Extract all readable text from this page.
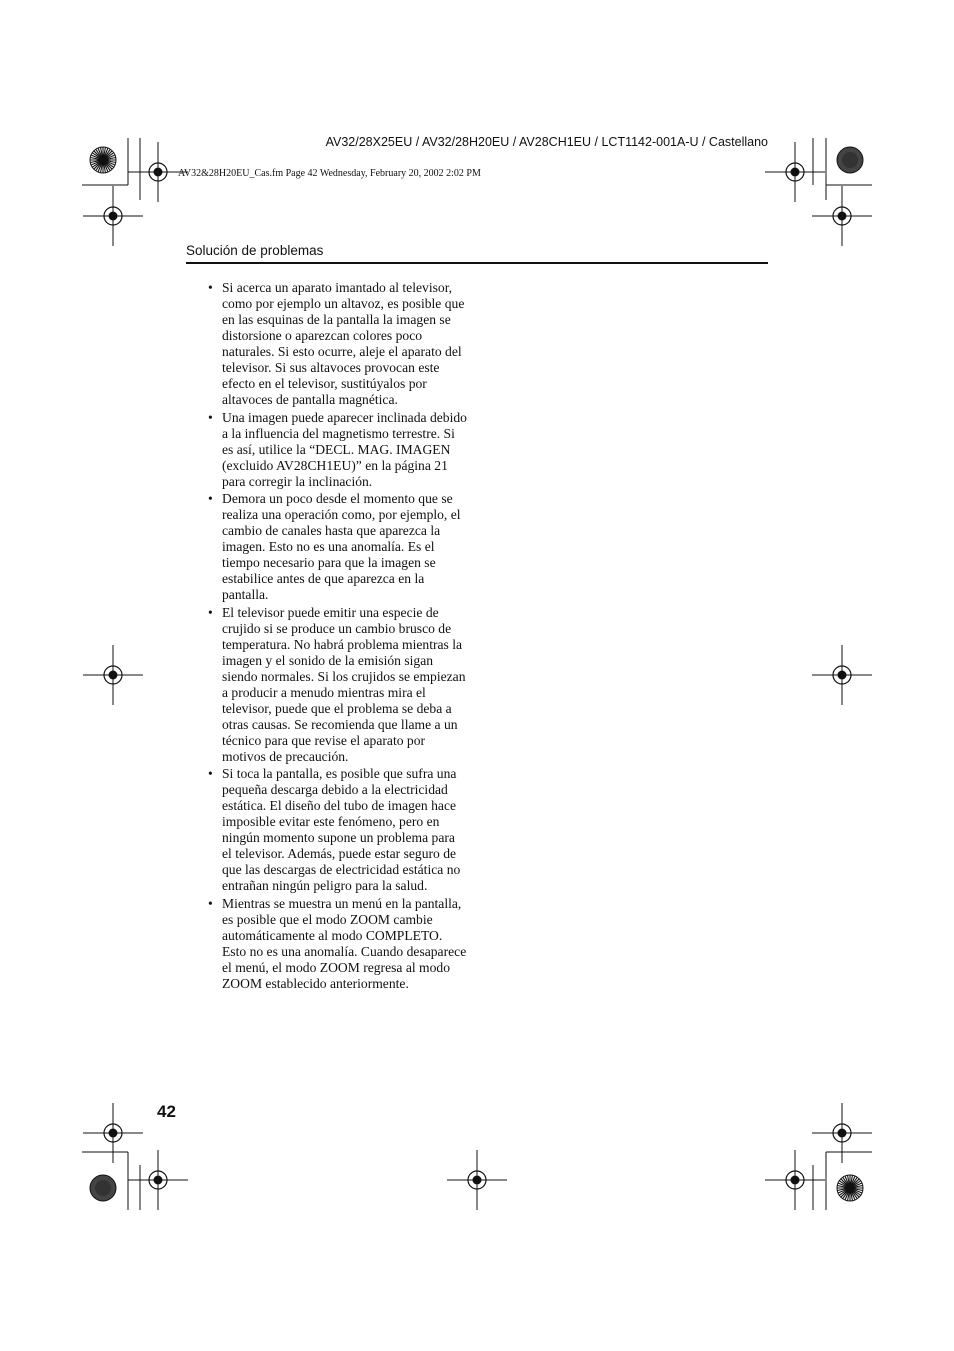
AV32/28X25EU / AV32/28H20EU / AV28CH1EU / LCT1142-001A-U / Castellano
AV32&28H20EU_Cas.fm Page 42 Wednesday, February 20, 2002 2:02 PM
Solución de problemas
• Si acerca un aparato imantado al televisor, como por ejemplo un altavoz, es posible que en las esquinas de la pantalla la imagen se distorsione o aparezcan colores poco naturales. Si esto ocurre, aleje el aparato del televisor. Si sus altavoces provocan este efecto en el televisor, sustitúyalos por altavoces de pantalla magnética.
• Una imagen puede aparecer inclinada debido a la influencia del magnetismo terrestre. Si es así, utilice la “DECL. MAG. IMAGEN (excluido AV28CH1EU)” en la página 21 para corregir la inclinación.
• Demora un poco desde el momento que se realiza una operación como, por ejemplo, el cambio de canales hasta que aparezca la imagen. Esto no es una anomalía. Es el tiempo necesario para que la imagen se estabilice antes de que aparezca en la pantalla.
• El televisor puede emitir una especie de crujido si se produce un cambio brusco de temperatura. No habrá problema mientras la imagen y el sonido de la emisión sigan siendo normales. Si los crujidos se empiezan a producir a menudo mientras mira el televisor, puede que el problema se deba a otras causas. Se recomienda que llame a un técnico para que revise el aparato por motivos de precaución.
• Si toca la pantalla, es posible que sufra una pequeña descarga debido a la electricidad estática. El diseño del tubo de imagen hace imposible evitar este fenómeno, pero en ningún momento supone un problema para el televisor. Además, puede estar seguro de que las descargas de electricidad estática no entrañan ningún peligro para la salud.
• Mientras se muestra un menú en la pantalla, es posible que el modo ZOOM cambie automáticamente al modo COMPLETO. Esto no es una anomalía. Cuando desaparece el menú, el modo ZOOM regresa al modo ZOOM establecido anteriormente.
42
